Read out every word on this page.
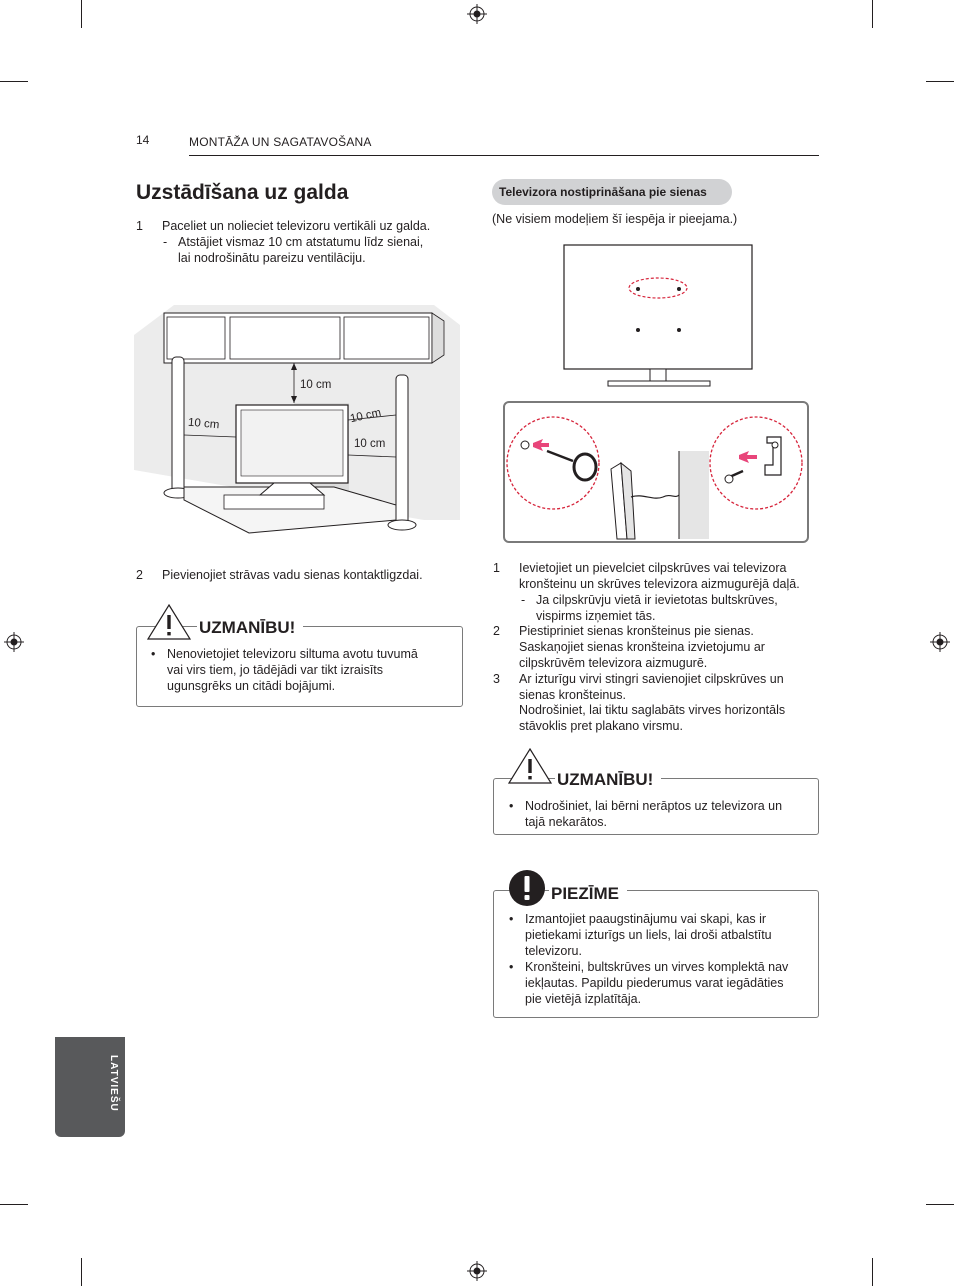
14	MONTĀŽA UN SAGATAVOŠANA
Uzstādīšana uz galda
1 Paceliet un nolieciet televizoru vertikāli uz galda.
- Atstājiet vismaz 10 cm atstatumu līdz sienai,
lai nodrošinātu pareizu ventilāciju.
10 cm
10 cm	10 cm
10 cm
2 Pievienojiet strāvas vadu sienas kontaktligzdai.
UZMANĪBU!
• Nenovietojiet televizoru siltuma avotu tuvumā
vai virs tiem, jo tādējādi var tikt izraisīts
ugunsgrēks un citādi bojājumi.
Televizora nostiprināšana pie sienas
(Ne visiem modeļiem šī iespēja ir pieejama.)
1 Ievietojiet un pievelciet cilpskrūves vai televizora
kronšteinu un skrūves televizora aizmugurējā daļā.
- Ja cilpskrūvju vietā ir ievietotas bultskrūves,
vispirms izņemiet tās.
2 Piestipriniet sienas kronšteinus pie sienas.
Saskaņojiet sienas kronšteina izvietojumu ar
cilpskrūvēm televizora aizmugurē.
3 Ar izturīgu virvi stingri savienojiet cilpskrūves un
sienas kronšteinus.
Nodrošiniet, lai tiktu saglabāts virves horizontāls
stāvoklis pret plakano virsmu.
UZMANĪBU!
• Nodrošiniet, lai bērni nerāptos uz televizora un
tajā nekarātos.
PIEZĪME
• Izmantojiet paaugstinājumu vai skapi, kas ir
pietiekami izturīgs un liels, lai droši atbalstītu
televizoru.
• Kronšteini, bultskrūves un virves komplektā nav
iekļautas. Papildu piederumus varat iegādāties
pie vietējā izplatītāja.
LATVIEŠU
